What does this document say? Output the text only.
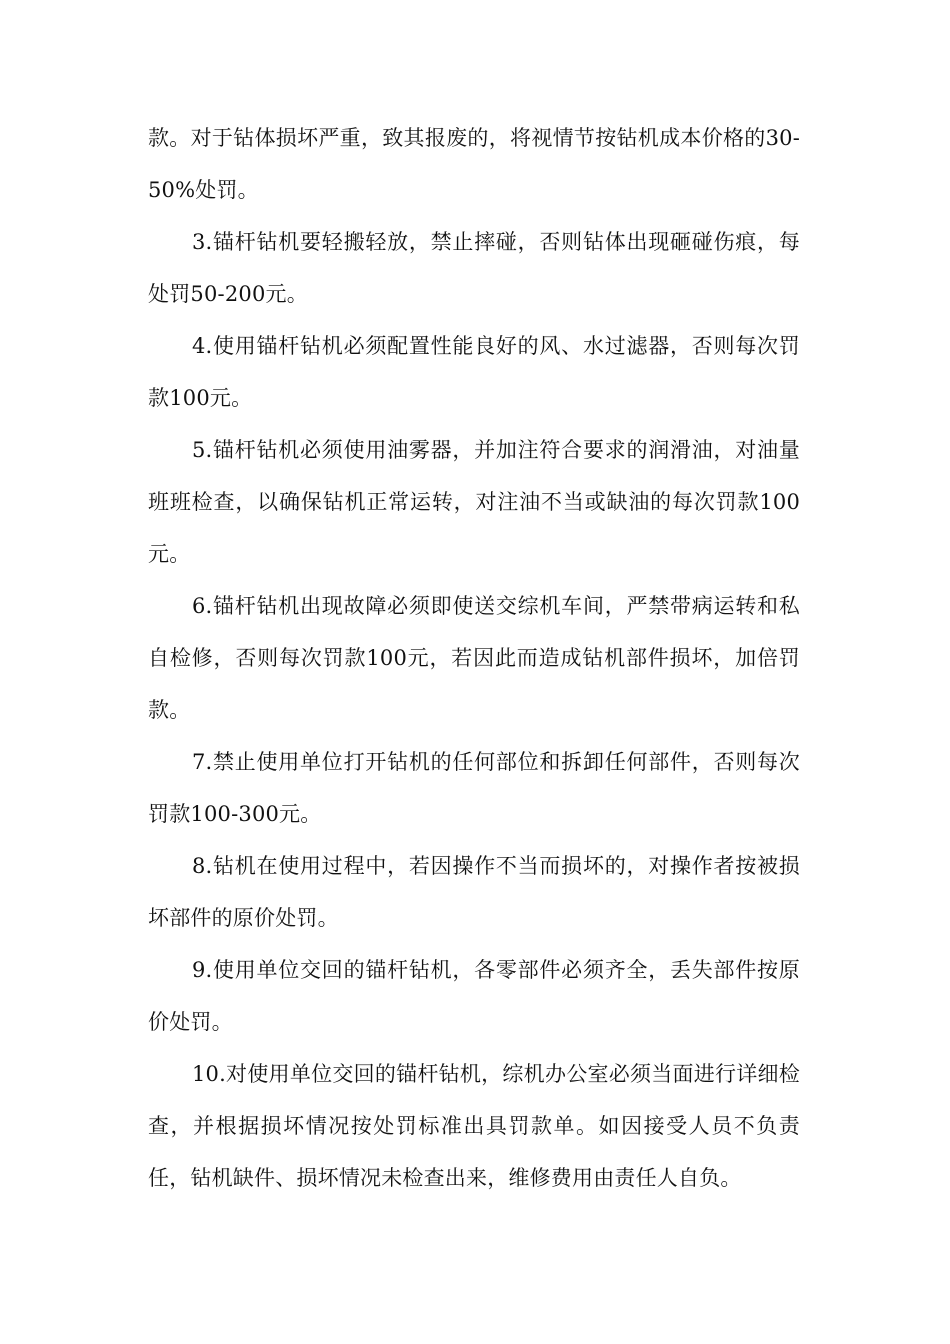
款。对于钻体损坏严重，致其报废的，将视情节按钻机成本价格的30-50%处罚。

3.锚杆钻机要轻搬轻放，禁止摔碰，否则钻体出现砸碰伤痕，每处罚50-200元。

4.使用锚杆钻机必须配置性能良好的风、水过滤器，否则每次罚款100元。

5.锚杆钻机必须使用油雾器，并加注符合要求的润滑油，对油量班班检查，以确保钻机正常运转，对注油不当或缺油的每次罚款100元。

6.锚杆钻机出现故障必须即使送交综机车间，严禁带病运转和私自检修，否则每次罚款100元，若因此而造成钻机部件损坏，加倍罚款。

7.禁止使用单位打开钻机的任何部位和拆卸任何部件，否则每次罚款100-300元。

8.钻机在使用过程中，若因操作不当而损坏的，对操作者按被损坏部件的原价处罚。

9.使用单位交回的锚杆钻机，各零部件必须齐全，丢失部件按原价处罚。

10.对使用单位交回的锚杆钻机，综机办公室必须当面进行详细检查，并根据损坏情况按处罚标准出具罚款单。如因接受人员不负责任，钻机缺件、损坏情况未检查出来，维修费用由责任人自负。
